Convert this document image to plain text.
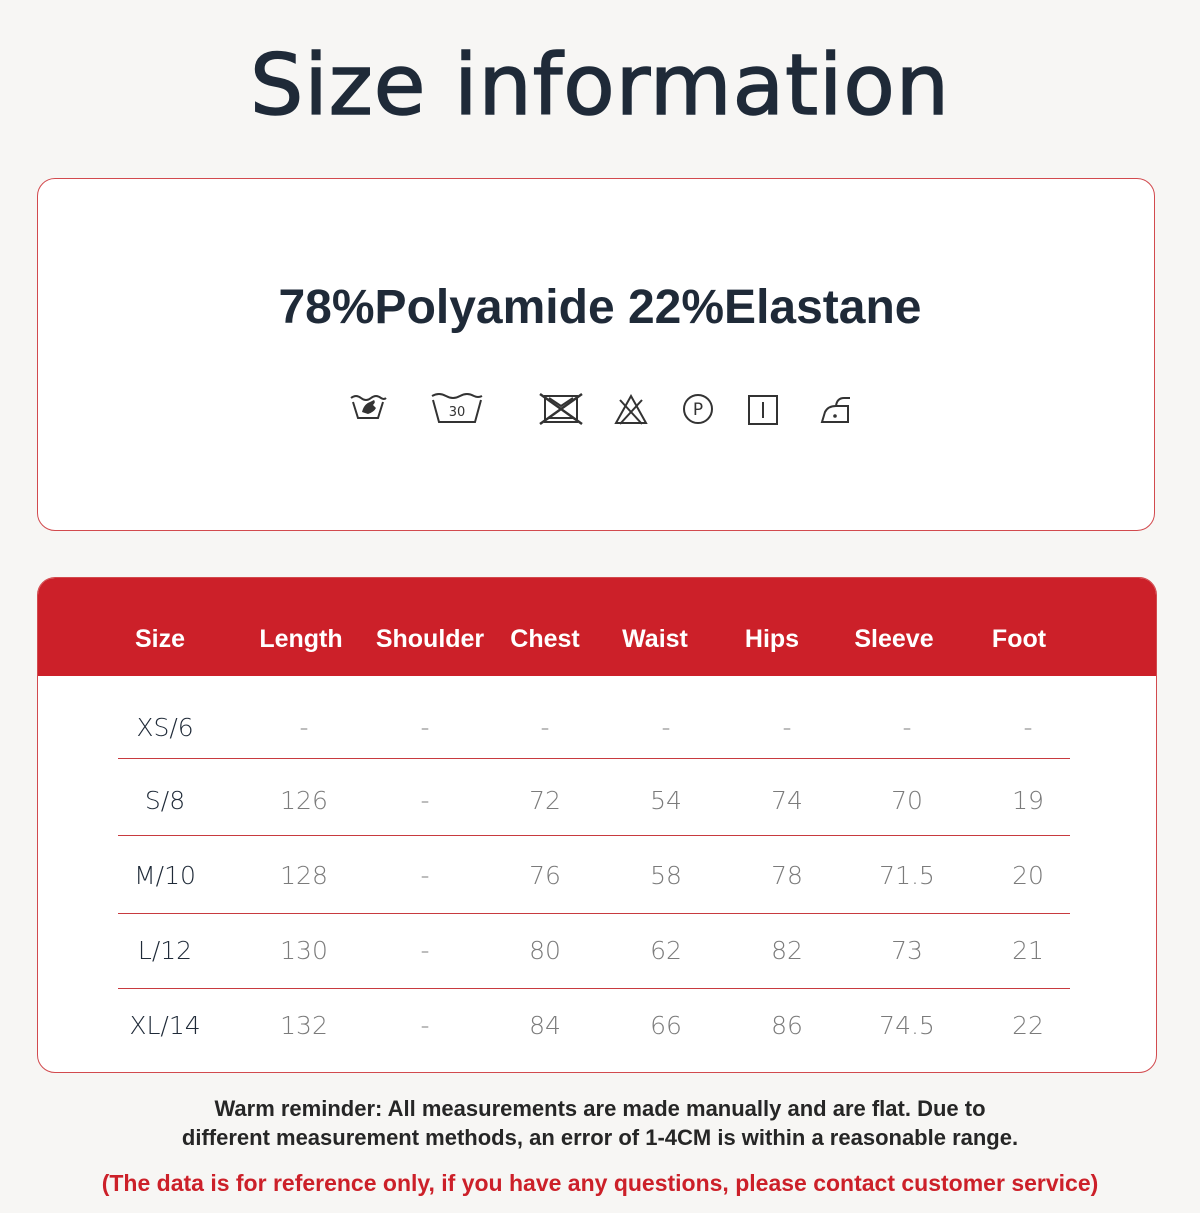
Size information
78%Polyamide 22%Elastane
30	P
Size	Length Shoulder Chest Waist Hips Sleeve Foot
XS/6	-	-	-	-	-	-	-
S/8	126	-	72	54	74	70	19
M/10	128	-	76	58	78	71.5	20
L/12	130	-	80	62	82	73	21
XL/14	132	-	84	66	86	74.5	22
Warm reminder: All measurements are made manually and are flat. Due to
different measurement methods, an error of 1-4CM is within a reasonable range.
(The data is for reference only, if you have any questions, please contact customer service)
